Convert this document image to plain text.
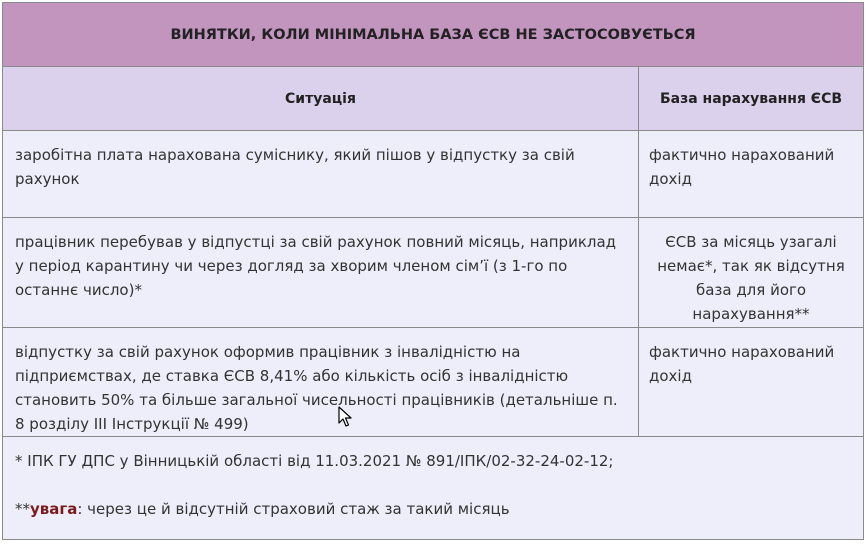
ВИНЯТКИ, КОЛИ МІНІМАЛЬНА БАЗА ЄСВ НЕ ЗАСТОСОВУЄТЬСЯ
Ситуація	База нарахування ЄСВ
заробітна плата нарахована суміснику, який пішов у відпустку за свій рахунок
фактично нарахований дохід
працівник перебував у відпустці за свій рахунок повний місяць, наприклад у період карантину чи через догляд за хворим членом сім’ї (з 1-го по останнє число)*
ЄСВ за місяць узагалі немає*, так як відсутня база для його нарахування**
відпустку за свій рахунок оформив працівник з інвалідністю на підприємствах, де ставка ЄСВ 8,41% або кількість осіб з інвалідністю становить 50% та більше загальної чисельності працівників (детальніше п. 8 розділу ІІІ Інструкції № 499)
фактично нарахований дохід

* ІПК ГУ ДПС у Вінницькій області від 11.03.2021 № 891/ІПК/02-32-24-02-12;

**увага: через це й відсутній страховий стаж за такий місяць
